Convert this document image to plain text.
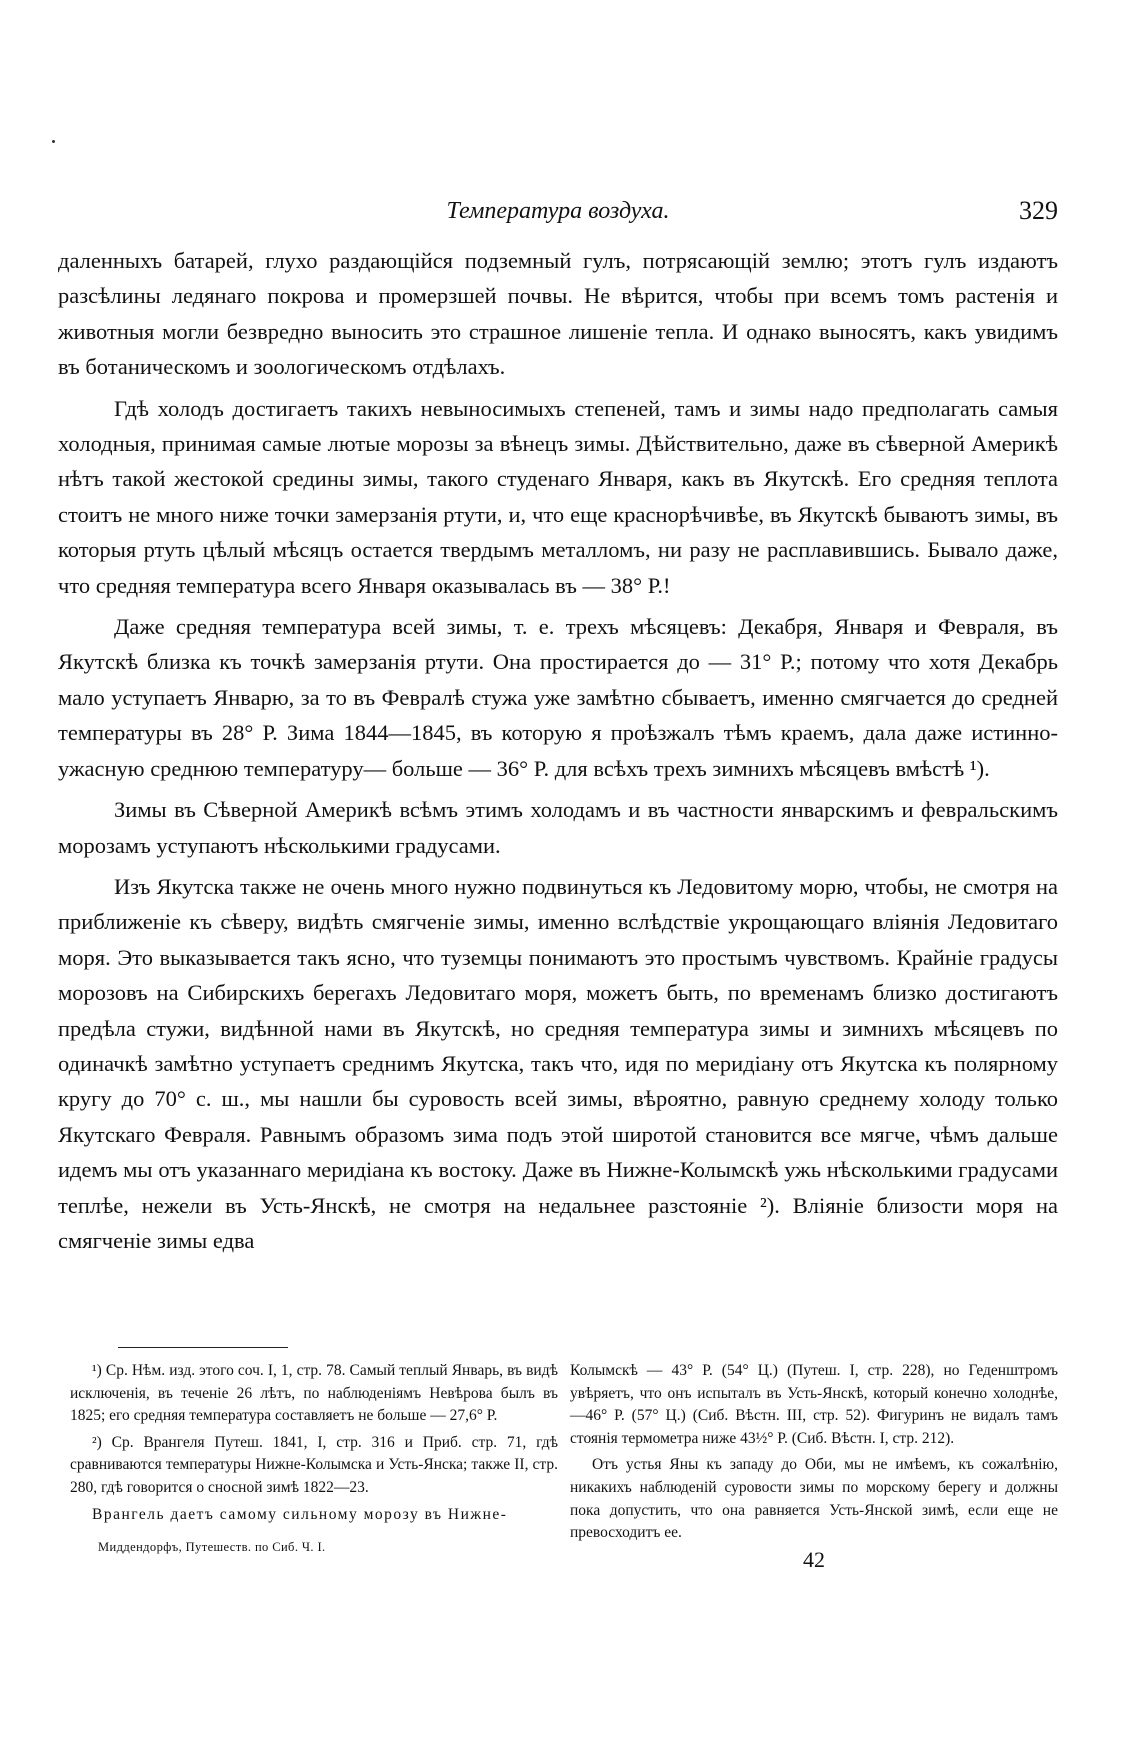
Температура воздуха.	329

даленныхъ батарей, глухо раздающійся подземный гулъ, потрясающій землю; этотъ гулъ издаютъ разсѣлины ледянаго покрова и промерзшей почвы. Не вѣрится, чтобы при всемъ томъ растенія и животныя могли безвредно выносить это страшное лишеніе тепла. И однако выносятъ, какъ увидимъ въ ботаническомъ и зоологическомъ отдѣлахъ.

Гдѣ холодъ достигаетъ такихъ невыносимыхъ степеней, тамъ и зимы надо предполагать самыя холодныя, принимая самые лютые морозы за вѣнецъ зимы. Дѣйствительно, даже въ сѣверной Америкѣ нѣтъ такой жестокой средины зимы, такого студенаго Января, какъ въ Якутскѣ. Его средняя теплота стоитъ не много ниже точки замерзанія ртути, и, что еще краснорѣчивѣе, въ Якутскѣ бываютъ зимы, въ которыя ртуть цѣлый мѣсяцъ остается твердымъ металломъ, ни разу не расплавившись. Бывало даже, что средняя температура всего Января оказывалась въ — 38° Р.!

Даже средняя температура всей зимы, т. е. трехъ мѣсяцевъ: Декабря, Января и Февраля, въ Якутскѣ близка къ точкѣ замерзанія ртути. Она простирается до — 31° Р.; потому что хотя Декабрь мало уступаетъ Январю, за то въ Февралѣ стужа уже замѣтно сбываетъ, именно смягчается до средней температуры въ 28° Р. Зима 1844—1845, въ которую я проѣзжалъ тѣмъ краемъ, дала даже истинно-ужасную среднюю температуру— больше — 36° Р. для всѣхъ трехъ зимнихъ мѣсяцевъ вмѣстѣ ¹).

Зимы въ Сѣверной Америкѣ всѣмъ этимъ холодамъ и въ частности январскимъ и февральскимъ морозамъ уступаютъ нѣсколькими градусами.

Изъ Якутска также не очень много нужно подвинуться къ Ледовитому морю, чтобы, не смотря на приближеніе къ сѣверу, видѣть смягченіе зимы, именно вслѣдствіе укрощающаго вліянія Ледовитаго моря. Это выказывается такъ ясно, что туземцы понимаютъ это простымъ чувствомъ. Крайніе градусы морозовъ на Сибирскихъ берегахъ Ледовитаго моря, можетъ быть, по временамъ близко достигаютъ предѣла стужи, видѣнной нами въ Якутскѣ, но средняя температура зимы и зимнихъ мѣсяцевъ по одиначкѣ замѣтно уступаетъ среднимъ Якутска, такъ что, идя по меридіану отъ Якутска къ полярному кругу до 70° с. ш., мы нашли бы суровость всей зимы, вѣроятно, равную среднему холоду только Якутскаго Февраля. Равнымъ образомъ зима подъ этой широтой становится все мягче, чѣмъ дальше идемъ мы отъ указаннаго меридіана къ востоку. Даже въ Нижне-Колымскѣ ужь нѣсколькими градусами теплѣе, нежели въ Усть-Янскѣ, не смотря на недальнее разстояніе ²). Вліяніе близости моря на смягченіе зимы едва

¹) Ср. Нѣм. изд. этого соч. I, 1, стр. 78. Самый теплый Январь, въ видѣ исключенія, въ теченіе 26 лѣтъ, по наблюденіямъ Невѣрова былъ въ 1825; его средняя температура составляетъ не больше — 27,6° Р.

²) Ср. Врангеля Путеш. 1841, I, стр. 316 и Приб. стр. 71, гдѣ сравниваются температуры Нижне-Колымска и Усть-Янска; также II, стр. 280, гдѣ говорится о сносной зимѣ 1822—23.

Врангель даетъ самому сильному морозу въ Нижне-

Миддендорфъ, Путешеств. по Сиб. Ч. I.

Колымскѣ — 43° Р. (54° Ц.) (Путеш. I, стр. 228), но Геденштромъ увѣряетъ, что онъ испыталъ въ Усть-Янскѣ, который конечно холоднѣе, —46° Р. (57° Ц.) (Сиб. Вѣстн. III, стр. 52). Фигуринъ не видалъ тамъ стоянія термометра ниже 43½° Р. (Сиб. Вѣстн. I, стр. 212).

Отъ устья Яны къ западу до Оби, мы не имѣемъ, къ сожалѣнію, никакихъ наблюденій суровости зимы по морскому берегу и должны пока допустить, что она равняется Усть-Янской зимѣ, если еще не превосходитъ ее.

42
